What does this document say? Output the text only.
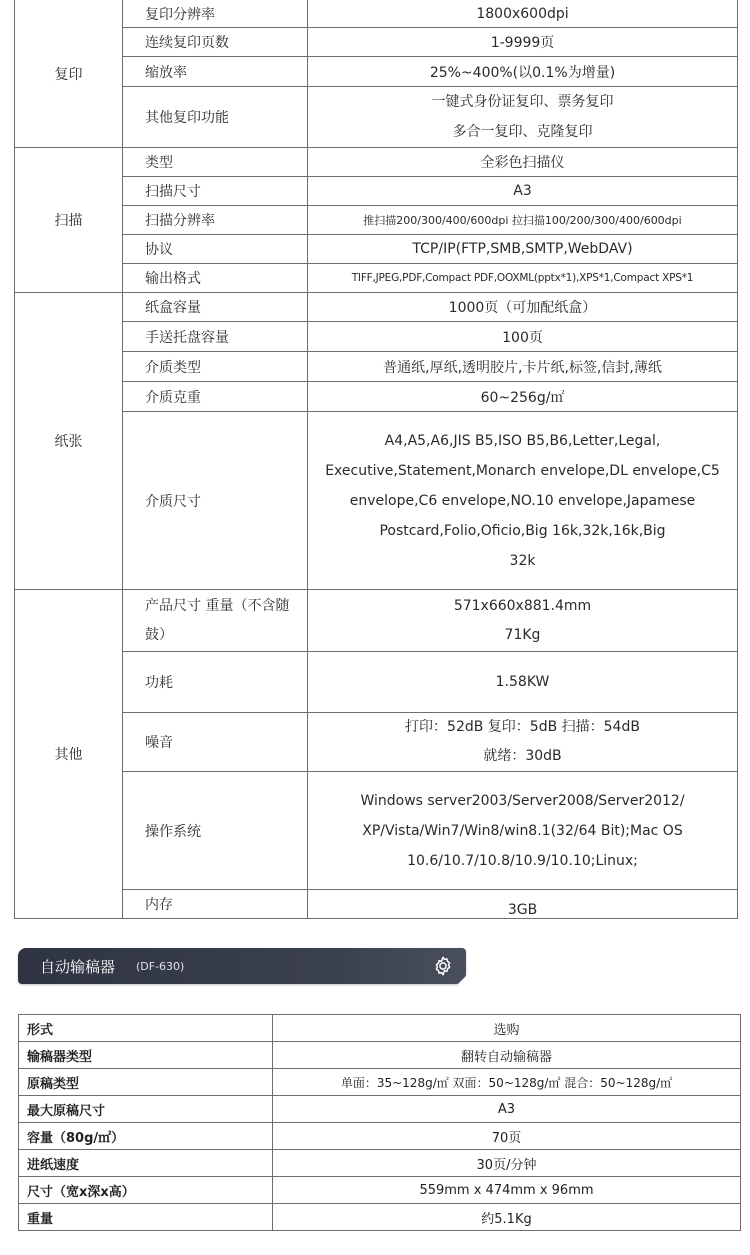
复印	复印分辨率	1800x600dpi
	连续复印页数	1-9999页
	缩放率	25%~400%(以0.1%为增量)
	其他复印功能	一键式身份证复印、票务复印
多合一复印、克隆复印

扫描	类型	全彩色扫描仪
	扫描尺寸	A3
	扫描分辨率	推扫描200/300/400/600dpi 拉扫描100/200/300/400/600dpi
	协议	TCP/IP(FTP,SMB,SMTP,WebDAV)
	输出格式	TIFF,JPEG,PDF,Compact PDF,OOXML(pptx*1),XPS*1,Compact XPS*1
纸张	纸盒容量	1000页（可加配纸盒）
	手送托盘容量	100页
	介质类型	普通纸,厚纸,透明胶片,卡片纸,标签,信封,薄纸
	介质克重	60~256g/㎡
	介质尺寸	A4,A5,A6,JIS B5,ISO B5,B6,Letter,Legal,
Executive,Statement,Monarch envelope,DL envelope,C5
envelope,C6 envelope,NO.10 envelope,Japamese
Postcard,Folio,Oficio,Big 16k,32k,16k,Big
32k

其他	产品尺寸 重量（不含随鼓）	571x660x881.4mm
71Kg

	功耗	1.58KW
	噪音	打印：52dB 复印：5dB 扫描：54dB
就绪：30dB

	操作系统	Windows server2003/Server2008/Server2012/
XP/Vista/Win7/Win8/win8.1(32/64 Bit);Mac OS
10.6/10.7/10.8/10.9/10.10;Linux;

	内存	3GB
自动输稿器 (DF-630)
形式	选购
输稿器类型	翻转自动输稿器
原稿类型	单面：35~128g/㎡ 双面：50~128g/㎡ 混合：50~128g/㎡
最大原稿尺寸	A3
容量（80g/㎡）	70页
进纸速度	30页/分钟
尺寸（宽x深x高）	559mm x 474mm x 96mm
重量	约5.1Kg
